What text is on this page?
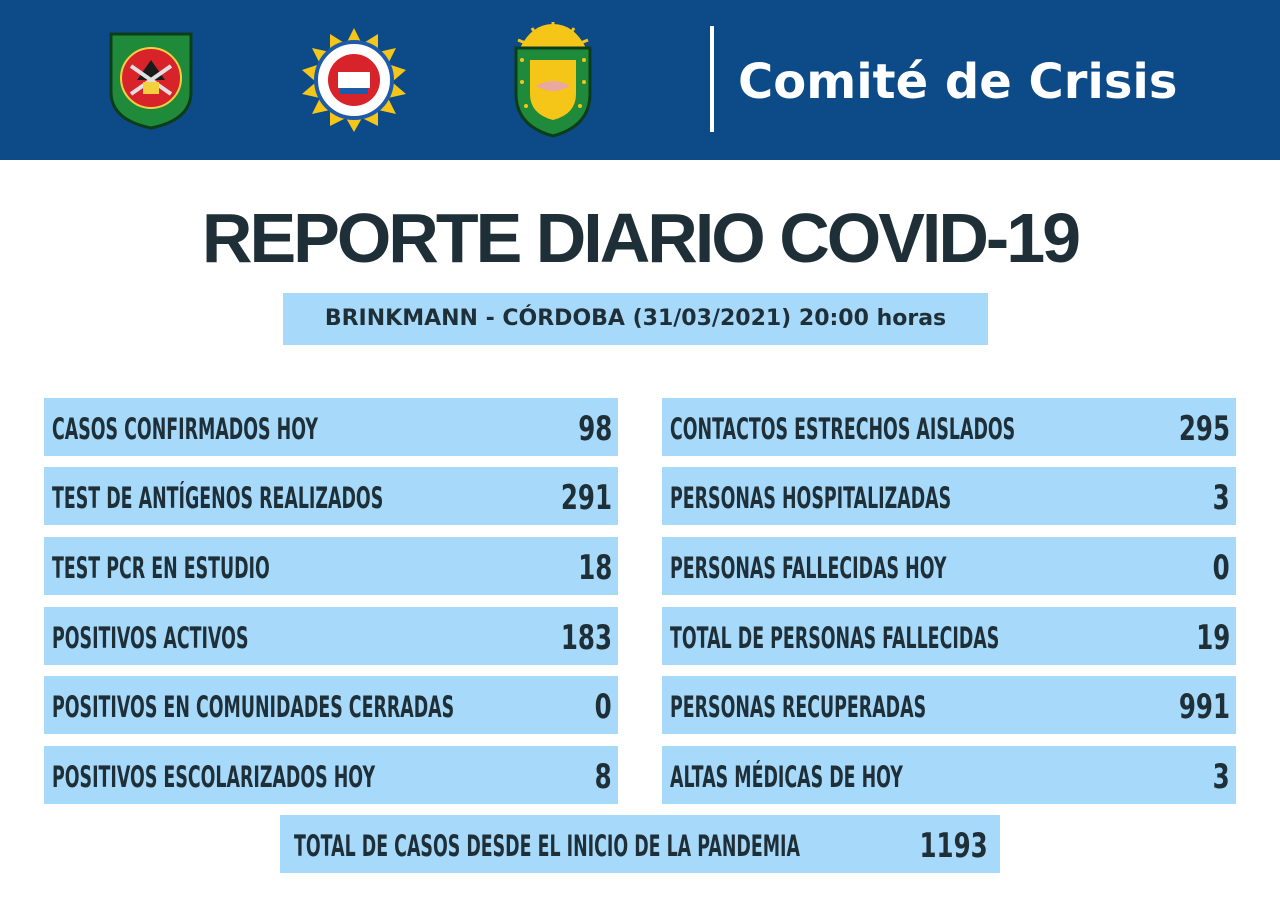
Comité de Crisis
REPORTE DIARIO COVID-19
BRINKMANN - CÓRDOBA (31/03/2021) 20:00 horas
CASOS CONFIRMADOS HOY	98
TEST DE ANTÍGENOS REALIZADOS	291
TEST PCR EN ESTUDIO	18
POSITIVOS ACTIVOS	183
POSITIVOS EN COMUNIDADES CERRADAS	0
POSITIVOS ESCOLARIZADOS HOY	8
CONTACTOS ESTRECHOS AISLADOS	295
PERSONAS HOSPITALIZADAS	3
PERSONAS FALLECIDAS HOY	0
TOTAL DE PERSONAS FALLECIDAS	19
PERSONAS RECUPERADAS	991
ALTAS MÉDICAS DE HOY	3
TOTAL DE CASOS DESDE EL INICIO DE LA PANDEMIA	1193
